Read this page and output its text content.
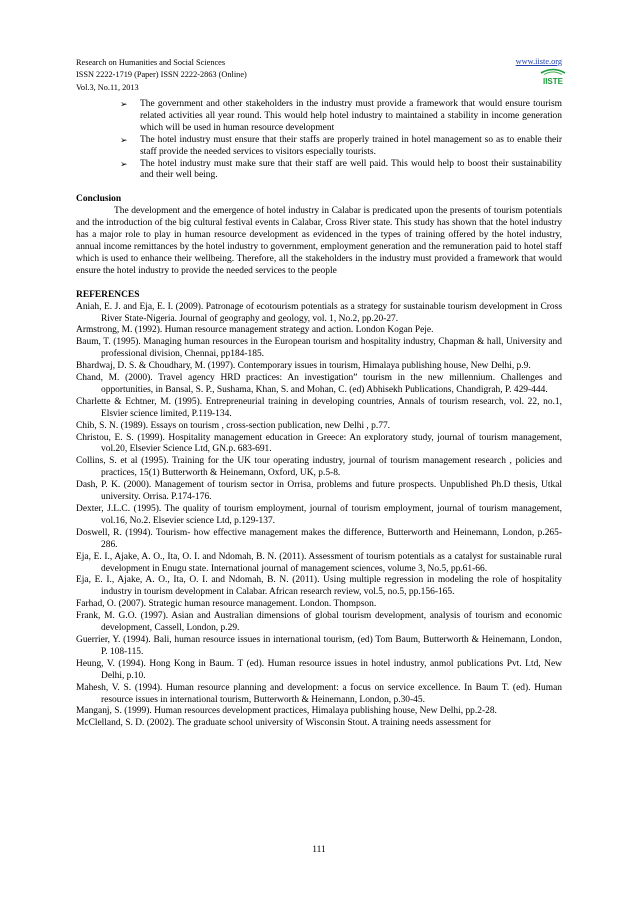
Research on Humanities and Social Sciences
ISSN 2222-1719 (Paper) ISSN 2222-2863 (Online)
Vol.3, No.11, 2013
www.iiste.org
IISTE
➢ The government and other stakeholders in the industry must provide a framework that would ensure tourism related activities all year round. This would help hotel industry to maintained a stability in income generation which will be used in human resource development
➢ The hotel industry must ensure that their staffs are properly trained in hotel management so as to enable their staff provide the needed services to visitors especially tourists.
➢ The hotel industry must make sure that their staff are well paid. This would help to boost their sustainability and their well being.
Conclusion
The development and the emergence of hotel industry in Calabar is predicated upon the presents of tourism potentials and the introduction of the big cultural festival events in Calabar, Cross River state. This study has shown that the hotel industry has a major role to play in human resource development as evidenced in the types of training offered by the hotel industry, annual income remittances by the hotel industry to government, employment generation and the remuneration paid to hotel staff which is used to enhance their wellbeing. Therefore, all the stakeholders in the industry must provided a framework that would ensure the hotel industry to provide the needed services to the people
REFERENCES
Aniah, E. J. and Eja, E. I. (2009). Patronage of ecotourism potentials as a strategy for sustainable tourism development in Cross River State-Nigeria. Journal of geography and geology, vol. 1, No.2, pp.20-27.
Armstrong, M. (1992). Human resource management strategy and action. London Kogan Peje.
Baum, T. (1995). Managing human resources in the European tourism and hospitality industry, Chapman & hall, University and professional division, Chennai, pp184-185.
Bhardwaj, D. S. & Choudhary, M. (1997). Contemporary issues in tourism, Himalaya publishing house, New Delhi, p.9.
Chand, M. (2000). Travel agency HRD practices: An investigation” tourism in the new millennium. Challenges and opportunities, in Bansal, S. P., Sushama, Khan, S. and Mohan, C. (ed) Abhisekh Publications, Chandigrah, P. 429-444.
Charlette & Echtner, M. (1995). Entrepreneurial training in developing countries, Annals of tourism research, vol. 22, no.1, Elsvier science limited, P.119-134.
Chib, S. N. (1989). Essays on tourism , cross-section publication, new Delhi , p.77.
Christou, E. S. (1999). Hospitality management education in Greece: An exploratory study, journal of tourism management, vol.20, Elsevier Science Ltd, GN.p. 683-691.
Collins, S. et al (1995). Training for the UK tour operating industry, journal of tourism management research , policies and practices, 15(1) Butterworth & Heinemann, Oxford, UK, p.5-8.
Dash, P. K. (2000). Management of tourism sector in Orrisa, problems and future prospects. Unpublished Ph.D thesis, Utkal university. Orrisa. P.174-176.
Dexter, J.L.C. (1995). The quality of tourism employment, journal of tourism employment, journal of tourism management, vol.16, No.2. Elsevier science Ltd, p.129-137.
Doswell, R. (1994). Tourism- how effective management makes the difference, Butterworth and Heinemann, London, p.265-286.
Eja, E. I., Ajake, A. O., Ita, O. I. and Ndomah, B. N. (2011). Assessment of tourism potentials as a catalyst for sustainable rural development in Enugu state. International journal of management sciences, volume 3, No.5, pp.61-66.
Eja, E. I., Ajake, A. O., Ita, O. I. and Ndomah, B. N. (2011). Using multiple regression in modeling the role of hospitality industry in tourism development in Calabar. African research review, vol.5, no.5, pp.156-165.
Farhad, O. (2007). Strategic human resource management. London. Thompson.
Frank, M. G.O. (1997). Asian and Australian dimensions of global tourism development, analysis of tourism and economic development, Cassell, London, p.29.
Guerrier, Y. (1994). Bali, human resource issues in international tourism, (ed) Tom Baum, Butterworth & Heinemann, London, P. 108-115.
Heung, V. (1994). Hong Kong in Baum. T (ed). Human resource issues in hotel industry, anmol publications Pvt. Ltd, New Delhi, p.10.
Mahesh, V. S. (1994). Human resource planning and development: a focus on service excellence. In Baum T. (ed). Human resource issues in international tourism, Butterworth & Heinemann, London, p.30-45.
Manganj, S. (1999). Human resources development practices, Himalaya publishing house, New Delhi, pp.2-28.
McClelland, S. D. (2002). The graduate school university of Wisconsin Stout. A training needs assessment for
111
